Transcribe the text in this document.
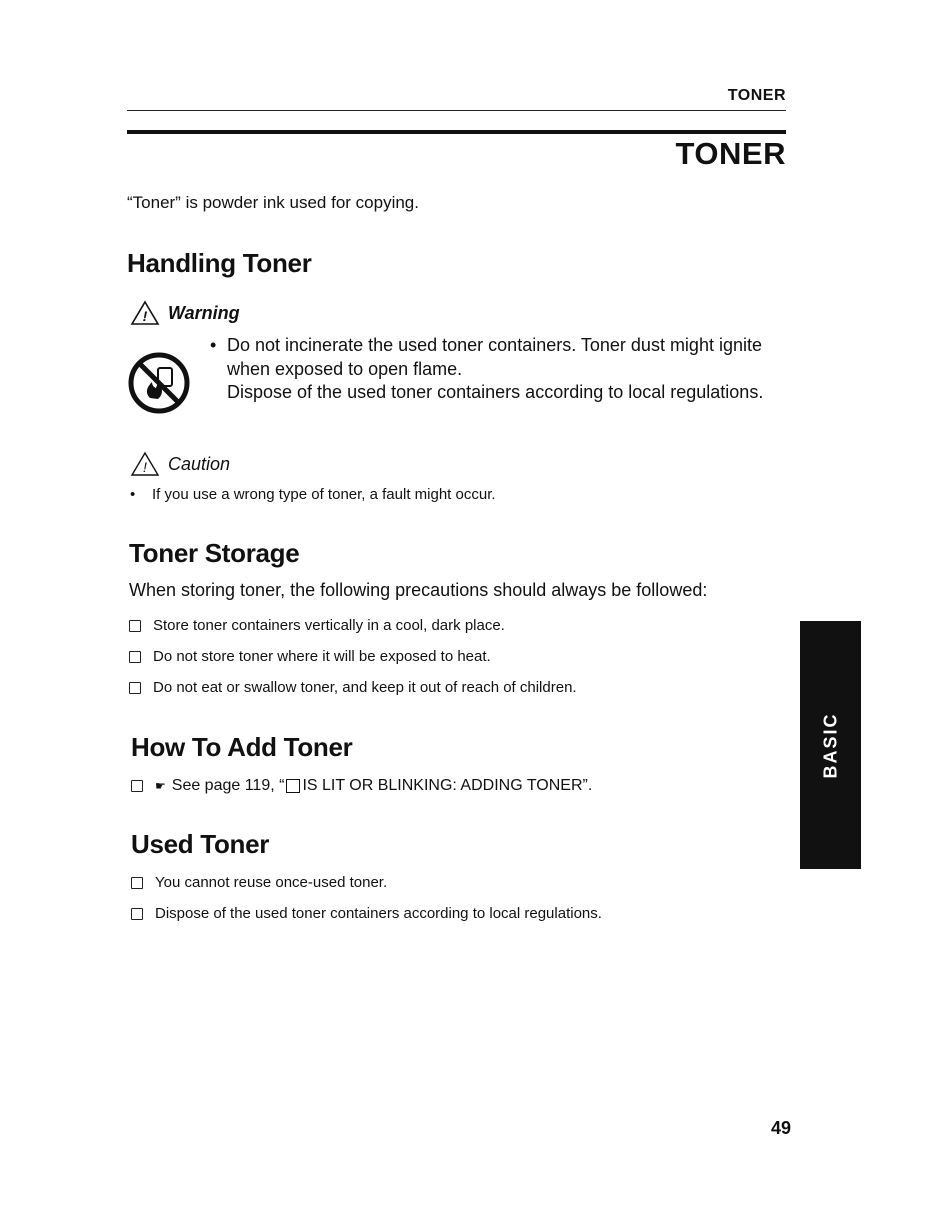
TONER
TONER
“Toner” is powder ink used for copying.
Handling Toner
! Warning
• Do not incinerate the used toner containers. Toner dust might ignite when exposed to open flame.
Dispose of the used toner containers according to local regulations.
! Caution
•	If you use a wrong type of toner, a fault might occur.
Toner Storage
When storing toner, the following precautions should always be followed:
Store toner containers vertically in a cool, dark place.
Do not store toner where it will be exposed to heat.
Do not eat or swallow toner, and keep it out of reach of children.
How To Add Toner
☛ See page 119, “ IS LIT OR BLINKING: ADDING TONER”.
Used Toner
You cannot reuse once-used toner.
Dispose of the used toner containers according to local regulations.
BASIC
49
